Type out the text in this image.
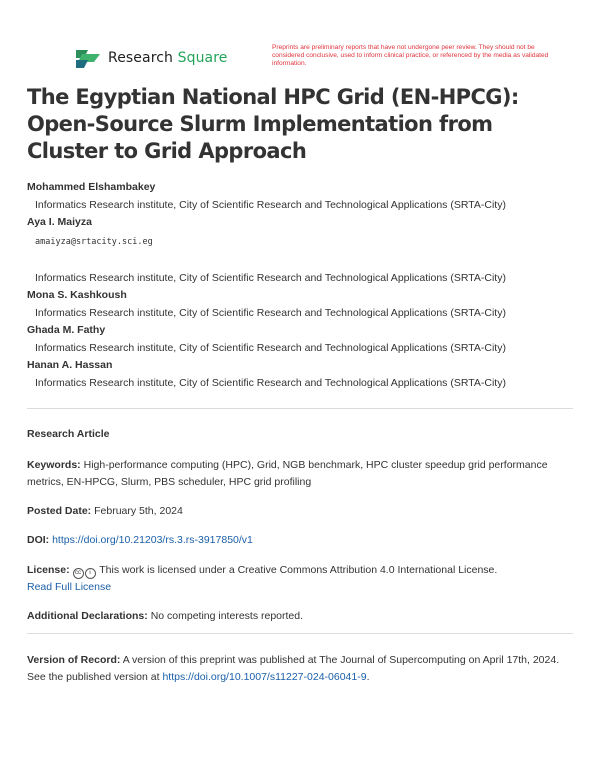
Research Square
Preprints are preliminary reports that have not undergone peer review. They should not be considered conclusive, used to inform clinical practice, or referenced by the media as validated information.
The Egyptian National HPC Grid (EN-HPCG): Open-Source Slurm Implementation from Cluster to Grid Approach
Mohammed Elshambakey
Informatics Research institute, City of Scientific Research and Technological Applications (SRTA-City)
Aya I. Maiyza
amaiyza@srtacity.sci.eg
Informatics Research institute, City of Scientific Research and Technological Applications (SRTA-City)
Mona S. Kashkoush
Informatics Research institute, City of Scientific Research and Technological Applications (SRTA-City)
Ghada M. Fathy
Informatics Research institute, City of Scientific Research and Technological Applications (SRTA-City)
Hanan A. Hassan
Informatics Research institute, City of Scientific Research and Technological Applications (SRTA-City)
Research Article
Keywords: High-performance computing (HPC), Grid, NGB benchmark, HPC cluster speedup grid performance metrics, EN-HPCG, Slurm, PBS scheduler, HPC grid profiling
Posted Date: February 5th, 2024
DOI: https://doi.org/10.21203/rs.3.rs-3917850/v1
License: cc i This work is licensed under a Creative Commons Attribution 4.0 International License.
Read Full License
Additional Declarations: No competing interests reported.
Version of Record: A version of this preprint was published at The Journal of Supercomputing on April 17th, 2024. See the published version at https://doi.org/10.1007/s11227-024-06041-9.
